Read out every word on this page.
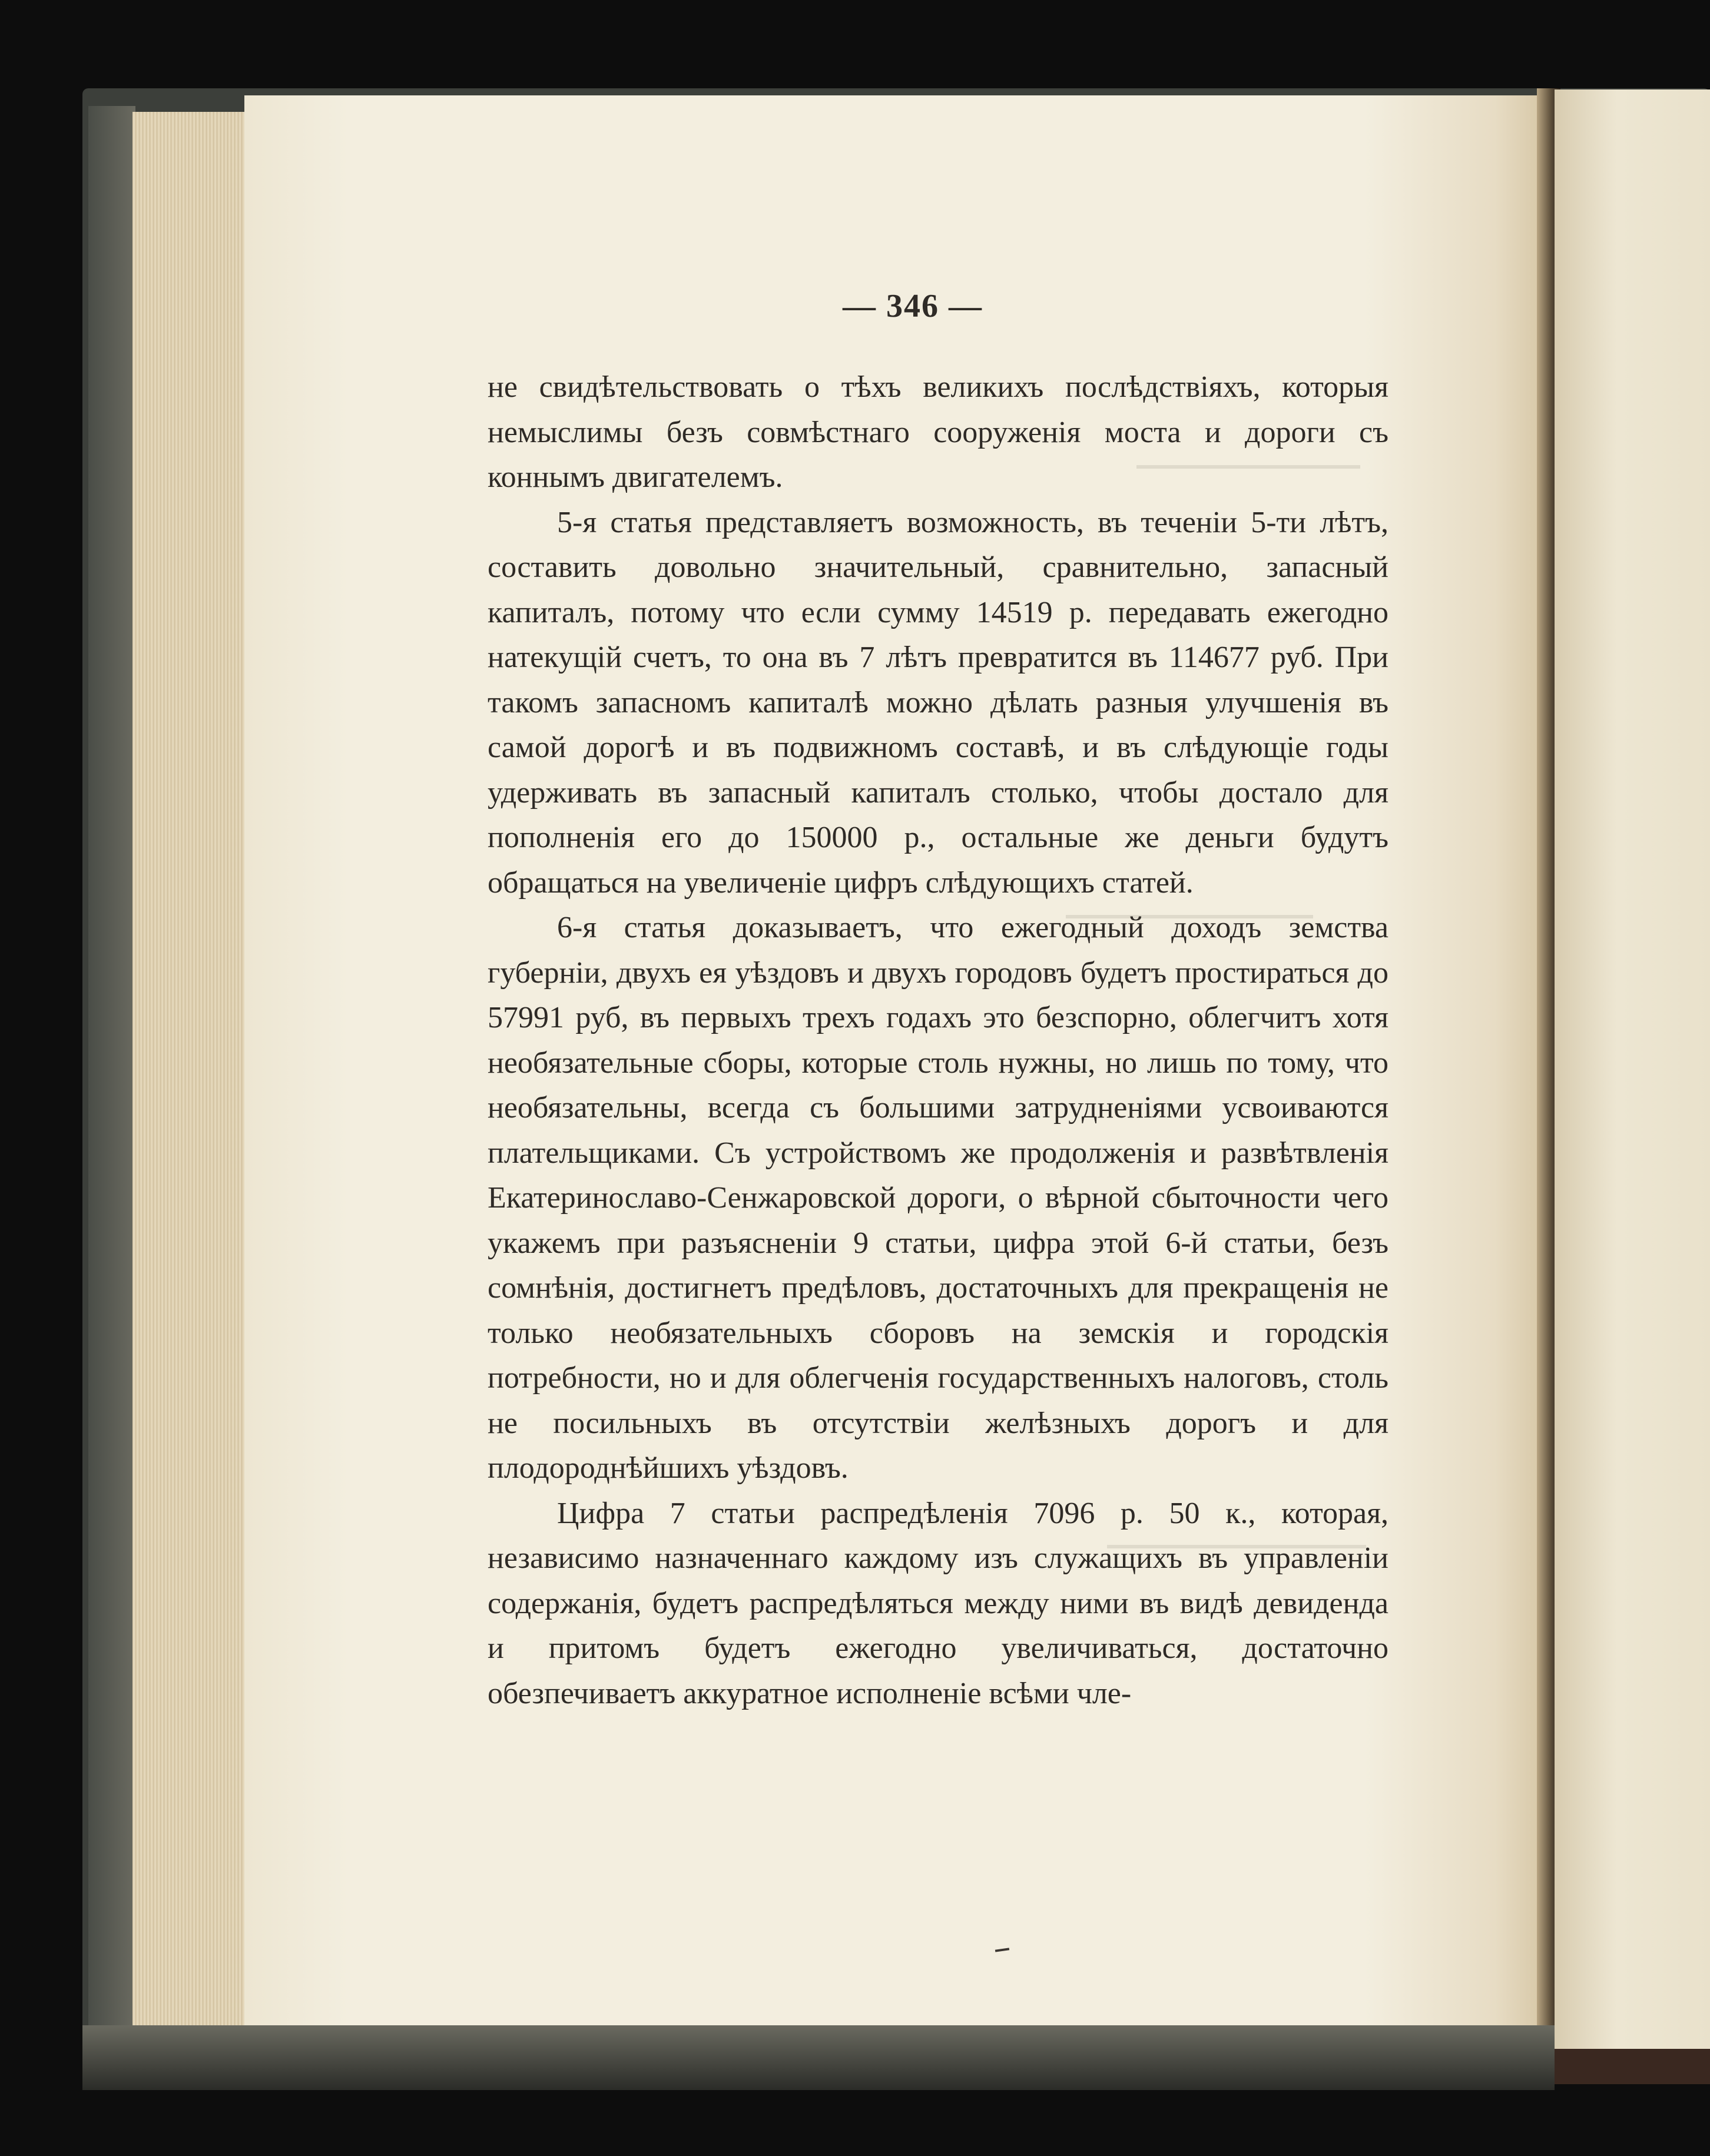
— 346 —

не свидѣтельствовать о тѣхъ великихъ послѣдствіяхъ, которыя немыслимы безъ совмѣстнаго сооруженія моста и дороги съ коннымъ двигателемъ.

5-я статья представляетъ возможность, въ теченіи 5-ти лѣтъ, составить довольно значительный, сравнительно, запасный капиталъ, потому что если сумму 14519 р. передавать ежегодно натекущій счетъ, то она въ 7 лѣтъ превратится въ 114677 руб. При такомъ запасномъ капиталѣ можно дѣлать разныя улучшенія въ самой дорогѣ и въ подвижномъ составѣ, и въ слѣдующіе годы удерживать въ запасный капиталъ столько, чтобы достало для пополненія его до 150000 р., остальные же деньги будутъ обращаться на увеличеніе цифръ слѣдующихъ статей.

6-я статья доказываетъ, что ежегодный доходъ земства губерніи, двухъ ея уѣздовъ и двухъ городовъ будетъ простираться до 57991 руб, въ первыхъ трехъ годахъ это безспорно, облегчитъ хотя необязательные сборы, которые столь нужны, но лишь по тому, что необязательны, всегда съ большими затрудненіями усвоиваются плательщиками. Съ устройствомъ же продолженія и развѣтвленія Екатеринославо-Сенжаровской дороги, о вѣрной сбыточности чего укажемъ при разъясненіи 9 статьи, цифра этой 6-й статьи, безъ сомнѣнія, достигнетъ предѣловъ, достаточныхъ для прекращенія не только необязательныхъ сборовъ на земскія и городскія потребности, но и для облегченія государственныхъ налоговъ, столь не посильныхъ въ отсутствіи желѣзныхъ дорогъ и для плодороднѣйшихъ уѣздовъ.

Цифра 7 статьи распредѣленія 7096 р. 50 к., которая, независимо назначеннаго каждому изъ служащихъ въ управленіи содержанія, будетъ распредѣляться между ними въ видѣ девиденда и притомъ будетъ ежегодно увеличиваться, достаточно обезпечиваетъ аккуратное исполненіе всѣми чле-
